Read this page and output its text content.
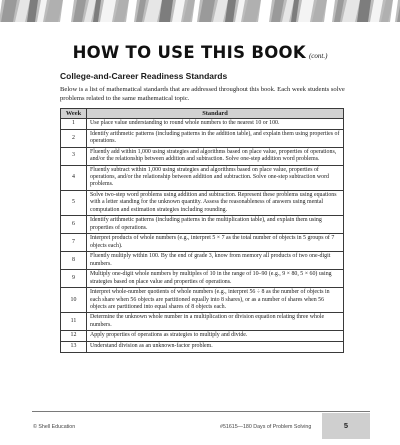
HOW TO USE THIS BOOK (cont.)
College-and-Career Readiness Standards
Below is a list of mathematical standards that are addressed throughout this book. Each week students solve problems related to the same mathematical topic.
Week	Standard
1	Use place value understanding to round whole numbers to the nearest 10 or 100.
2	Identify arithmetic patterns (including patterns in the addition table), and explain them using properties of operations.
3	Fluently add within 1,000 using strategies and algorithms based on place value, properties of operations, and/or the relationship between addition and subtraction. Solve one-step addition word problems.
4	Fluently subtract within 1,000 using strategies and algorithms based on place value, properties of operations, and/or the relationship between addition and subtraction. Solve one-step subtraction word problems.
5	Solve two-step word problems using addition and subtraction. Represent these problems using equations with a letter standing for the unknown quantity. Assess the reasonableness of answers using mental computation and estimation strategies including rounding.
6	Identify arithmetic patterns (including patterns in the multiplication table), and explain them using properties of operations.
7	Interpret products of whole numbers (e.g., interpret 5 × 7 as the total number of objects in 5 groups of 7 objects each).
8	Fluently multiply within 100. By the end of grade 3, know from memory all products of two one-digit numbers.
9	Multiply one-digit whole numbers by multiples of 10 in the range of 10–90 (e.g., 9 × 80, 5 × 60) using strategies based on place value and properties of operations.
10	Interpret whole-number quotients of whole numbers (e.g., interpret 56 ÷ 8 as the number of objects in each share when 56 objects are partitioned equally into 8 shares), or as a number of shares when 56 objects are partitioned into equal shares of 8 objects each.
11	Determine the unknown whole number in a multiplication or division equation relating three whole numbers.
12	Apply properties of operations as strategies to multiply and divide.
13	Understand division as an unknown-factor problem.
© Shell Education	#51615—180 Days of Problem Solving	5
